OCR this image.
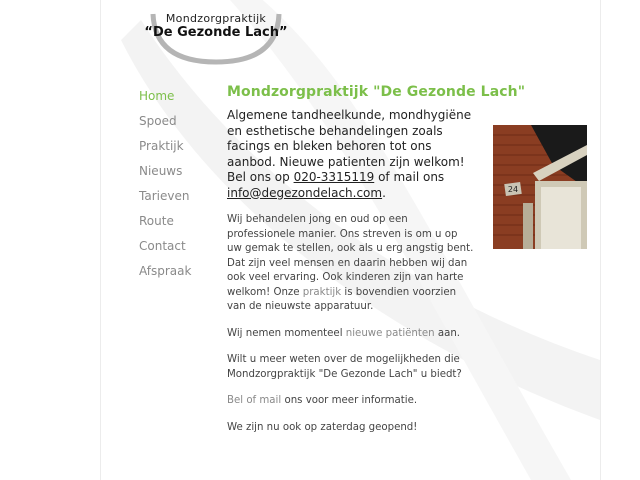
Mondzorgpraktijk
“De Gezonde Lach”
Home
Spoed
Praktijk
Nieuws
Tarieven
Route
Contact
Afspraak
Mondzorgpraktijk "De Gezonde Lach"

Algemene tandheelkunde, mondhygiëne en esthetische behandelingen zoals facings en bleken behoren tot ons aanbod. Nieuwe patienten zijn welkom! Bel ons op 020-3315119 of mail ons info@degezondelach.com.

Wij behandelen jong en oud op een professionele manier. Ons streven is om u op uw gemak te stellen, ook als u erg angstig bent. Dat zijn veel mensen en daarin hebben wij dan ook veel ervaring. Ook kinderen zijn van harte welkom! Onze praktijk is bovendien voorzien van de nieuwste apparatuur.

Wij nemen momenteel nieuwe patiënten aan.

Wilt u meer weten over de mogelijkheden die Mondzorgpraktijk "De Gezonde Lach" u biedt?

Bel of mail ons voor meer informatie.

We zijn nu ook op zaterdag geopend!

24
